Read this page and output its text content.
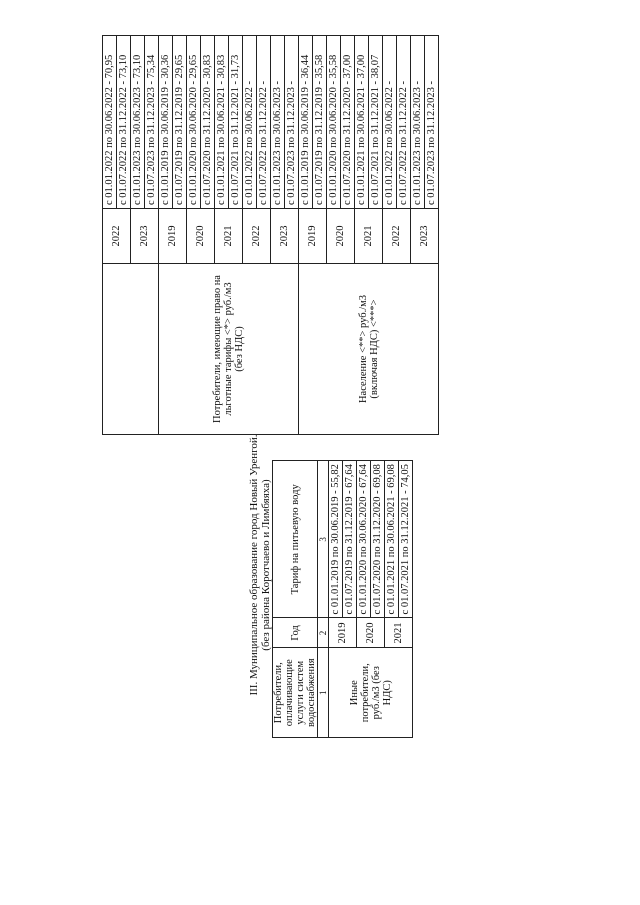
	2022	с 01.01.2022 по 30.06.2022 - 70,95
		с 01.07.2022 по 31.12.2022 - 73,10
	2023	с 01.01.2023 по 30.06.2023 - 73,10
		с 01.07.2023 по 31.12.2023 - 75,34
Потребители, имеющие право на льготные тарифы <*> руб./м3 (без НДС)	2019	с 01.01.2019 по 30.06.2019 - 30,36
		с 01.07.2019 по 31.12.2019 - 29,65
	2020	с 01.01.2020 по 30.06.2020 - 29,65
		с 01.07.2020 по 31.12.2020 - 30,83
	2021	с 01.01.2021 по 30.06.2021 - 30,83
		с 01.07.2021 по 31.12.2021 - 31,73
	2022	с 01.01.2022 по 30.06.2022 -
		с 01.07.2022 по 31.12.2022 -
	2023	с 01.01.2023 по 30.06.2023 -
		с 01.07.2023 по 31.12.2023 -
Население <**> руб./м3 (включая НДС) <***>	2019	с 01.01.2019 по 30.06.2019 - 36,44
		с 01.07.2019 по 31.12.2019 - 35,58
	2020	с 01.01.2020 по 30.06.2020 - 35,58
		с 01.07.2020 по 31.12.2020 - 37,00
	2021	с 01.01.2021 по 30.06.2021 - 37,00
		с 01.07.2021 по 31.12.2021 - 38,07
	2022	с 01.01.2022 по 30.06.2022 -
		с 01.07.2022 по 31.12.2022 -
	2023	с 01.01.2023 по 30.06.2023 -
		с 01.07.2023 по 31.12.2023 -
III. Муниципальное образование город Новый Уренгой. (без района Коротчаево и Лимбяяха)
Потребители, оплачивающие услуги систем водоснабжения	Год	Тариф на питьевую воду
1	2	3
Иные потребители, руб./м3 (без НДС)	2019	с 01.01.2019 по 30.06.2019 - 55,82
		с 01.07.2019 по 31.12.2019 - 67,64
	2020	с 01.01.2020 по 30.06.2020 - 67,64
		с 01.07.2020 по 31.12.2020 - 69,08
	2021	с 01.01.2021 по 30.06.2021 - 69,08
		с 01.07.2021 по 31.12.2021 - 74,05
